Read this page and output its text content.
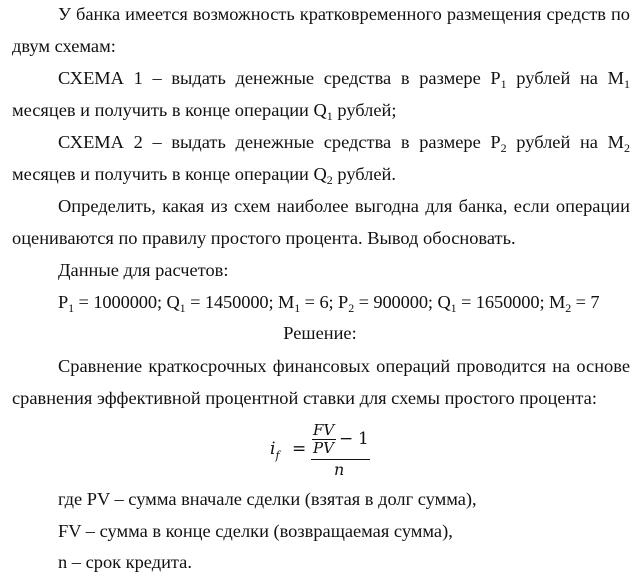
У банка имеется возможность кратковременного размещения средств по
двум схемам:
СХЕМА 1 – выдать денежные средства в размере $P_1$ рублей на $M_1$
месяцев и получить в конце операции $Q_1$ рублей;
СХЕМА 2 – выдать денежные средства в размере $P_2$ рублей на $M_2$
месяцев и получить в конце операции $Q_2$ рублей.
Определить, какая из схем наиболее выгодна для банка, если операции
оцениваются по правилу простого процента. Вывод обосновать.
Данные для расчетов:
$P_1 = 1000000$; $Q_1 = 1450000$; $M_1 = 6$; $P_2 = 900000$; $Q_1 = 1650000$; $M_2 = 7$
Решение:
Сравнение краткосрочных финансовых операций проводится на основе
сравнения эффективной процентной ставки для схемы простого процента:
$i_f$ =
FV
PV − 1
n
где PV – сумма вначале сделки (взятая в долг сумма),
FV – сумма в конце сделки (возвращаемая сумма),
n – срок кредита.
